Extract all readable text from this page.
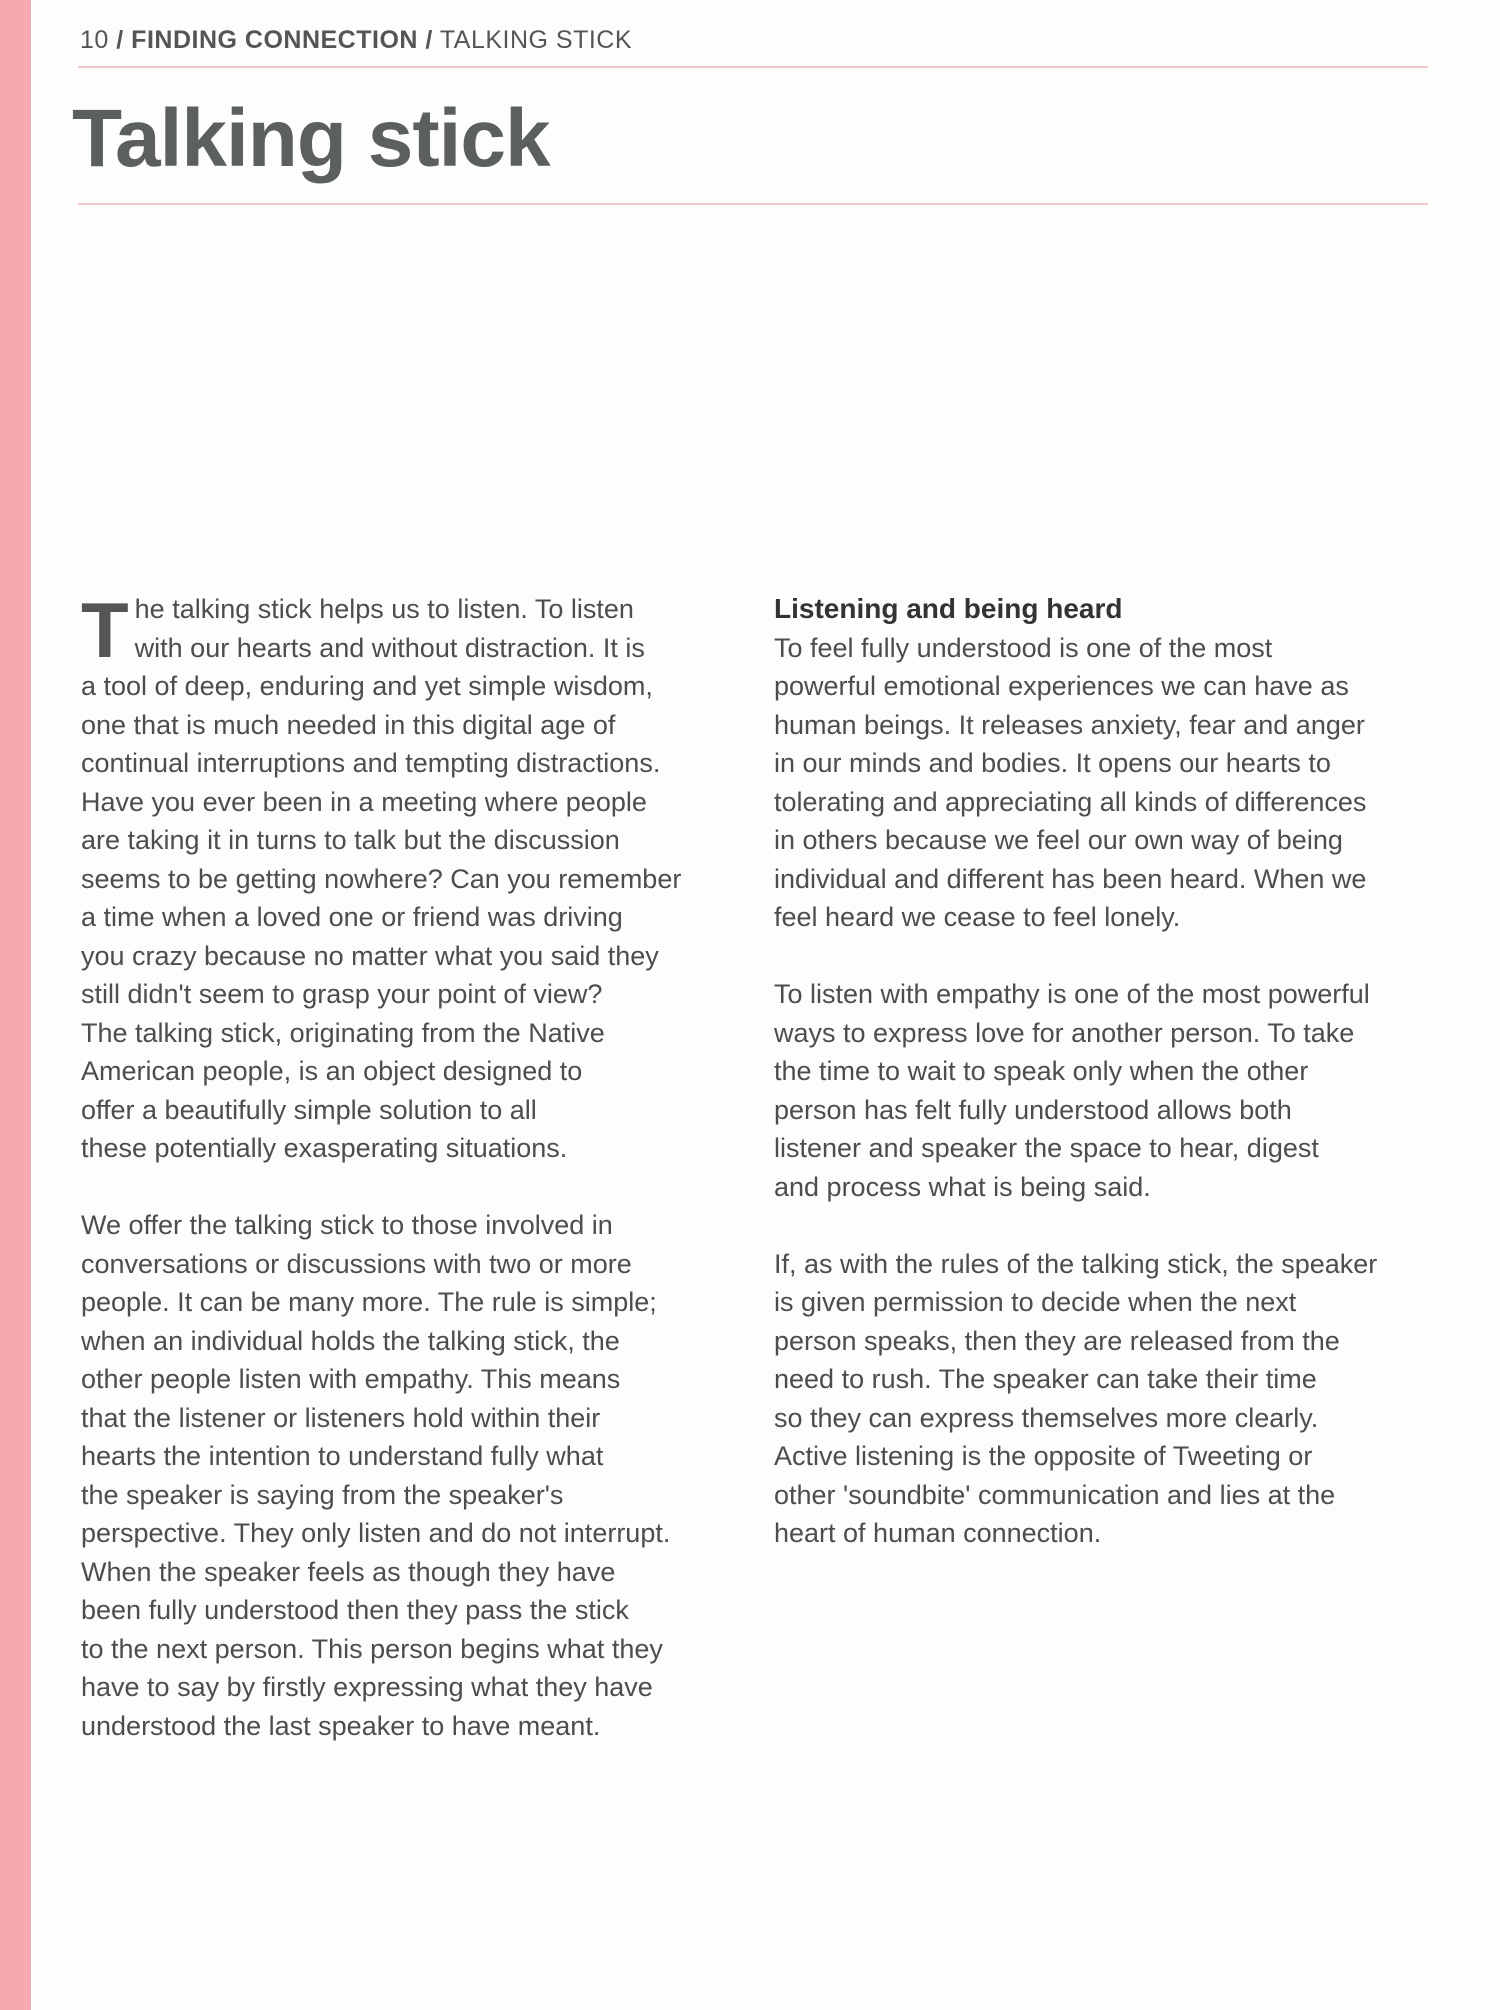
10 / FINDING CONNECTION / TALKING STICK
Talking stick

The talking stick helps us to listen. To listen
with our hearts and without distraction. It is
a tool of deep, enduring and yet simple wisdom,
one that is much needed in this digital age of
continual interruptions and tempting distractions.
Have you ever been in a meeting where people
are taking it in turns to talk but the discussion
seems to be getting nowhere? Can you remember
a time when a loved one or friend was driving
you crazy because no matter what you said they
still didn't seem to grasp your point of view?
The talking stick, originating from the Native
American people, is an object designed to
offer a beautifully simple solution to all
these potentially exasperating situations.

We offer the talking stick to those involved in
conversations or discussions with two or more
people. It can be many more. The rule is simple;
when an individual holds the talking stick, the
other people listen with empathy. This means
that the listener or listeners hold within their
hearts the intention to understand fully what
the speaker is saying from the speaker's
perspective. They only listen and do not interrupt.
When the speaker feels as though they have
been fully understood then they pass the stick
to the next person. This person begins what they
have to say by firstly expressing what they have
understood the last speaker to have meant.

Listening and being heard

To feel fully understood is one of the most
powerful emotional experiences we can have as
human beings. It releases anxiety, fear and anger
in our minds and bodies. It opens our hearts to
tolerating and appreciating all kinds of differences
in others because we feel our own way of being
individual and different has been heard. When we
feel heard we cease to feel lonely.

To listen with empathy is one of the most powerful
ways to express love for another person. To take
the time to wait to speak only when the other
person has felt fully understood allows both
listener and speaker the space to hear, digest
and process what is being said.

If, as with the rules of the talking stick, the speaker
is given permission to decide when the next
person speaks, then they are released from the
need to rush. The speaker can take their time
so they can express themselves more clearly.
Active listening is the opposite of Tweeting or
other 'soundbite' communication and lies at the
heart of human connection.
